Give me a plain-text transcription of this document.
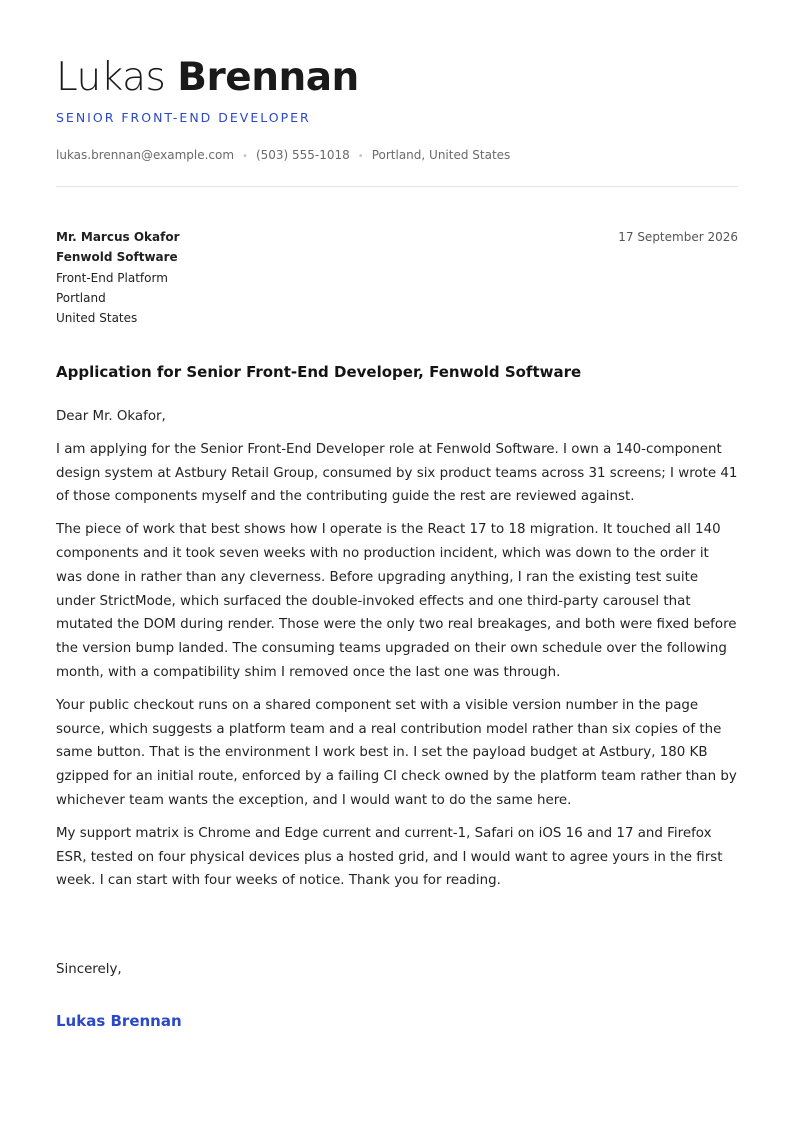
Lukas Brennan
SENIOR FRONT-END DEVELOPER
lukas.brennan@example.com • (503) 555-1018 • Portland, United States
Mr. Marcus Okafor
Fenwold Software
Front-End Platform
Portland
United States
17 September 2026
Application for Senior Front-End Developer, Fenwold Software

Dear Mr. Okafor,

I am applying for the Senior Front-End Developer role at Fenwold Software. I own a 140-component design system at Astbury Retail Group, consumed by six product teams across 31 screens; I wrote 41 of those components myself and the contributing guide the rest are reviewed against.

The piece of work that best shows how I operate is the React 17 to 18 migration. It touched all 140 components and it took seven weeks with no production incident, which was down to the order it was done in rather than any cleverness. Before upgrading anything, I ran the existing test suite under StrictMode, which surfaced the double-invoked effects and one third-party carousel that mutated the DOM during render. Those were the only two real breakages, and both were fixed before the version bump landed. The consuming teams upgraded on their own schedule over the following month, with a compatibility shim I removed once the last one was through.

Your public checkout runs on a shared component set with a visible version number in the page source, which suggests a platform team and a real contribution model rather than six copies of the same button. That is the environment I work best in. I set the payload budget at Astbury, 180 KB gzipped for an initial route, enforced by a failing CI check owned by the platform team rather than by whichever team wants the exception, and I would want to do the same here.

My support matrix is Chrome and Edge current and current-1, Safari on iOS 16 and 17 and Firefox ESR, tested on four physical devices plus a hosted grid, and I would want to agree yours in the first week. I can start with four weeks of notice. Thank you for reading.

Sincerely,
Lukas Brennan
